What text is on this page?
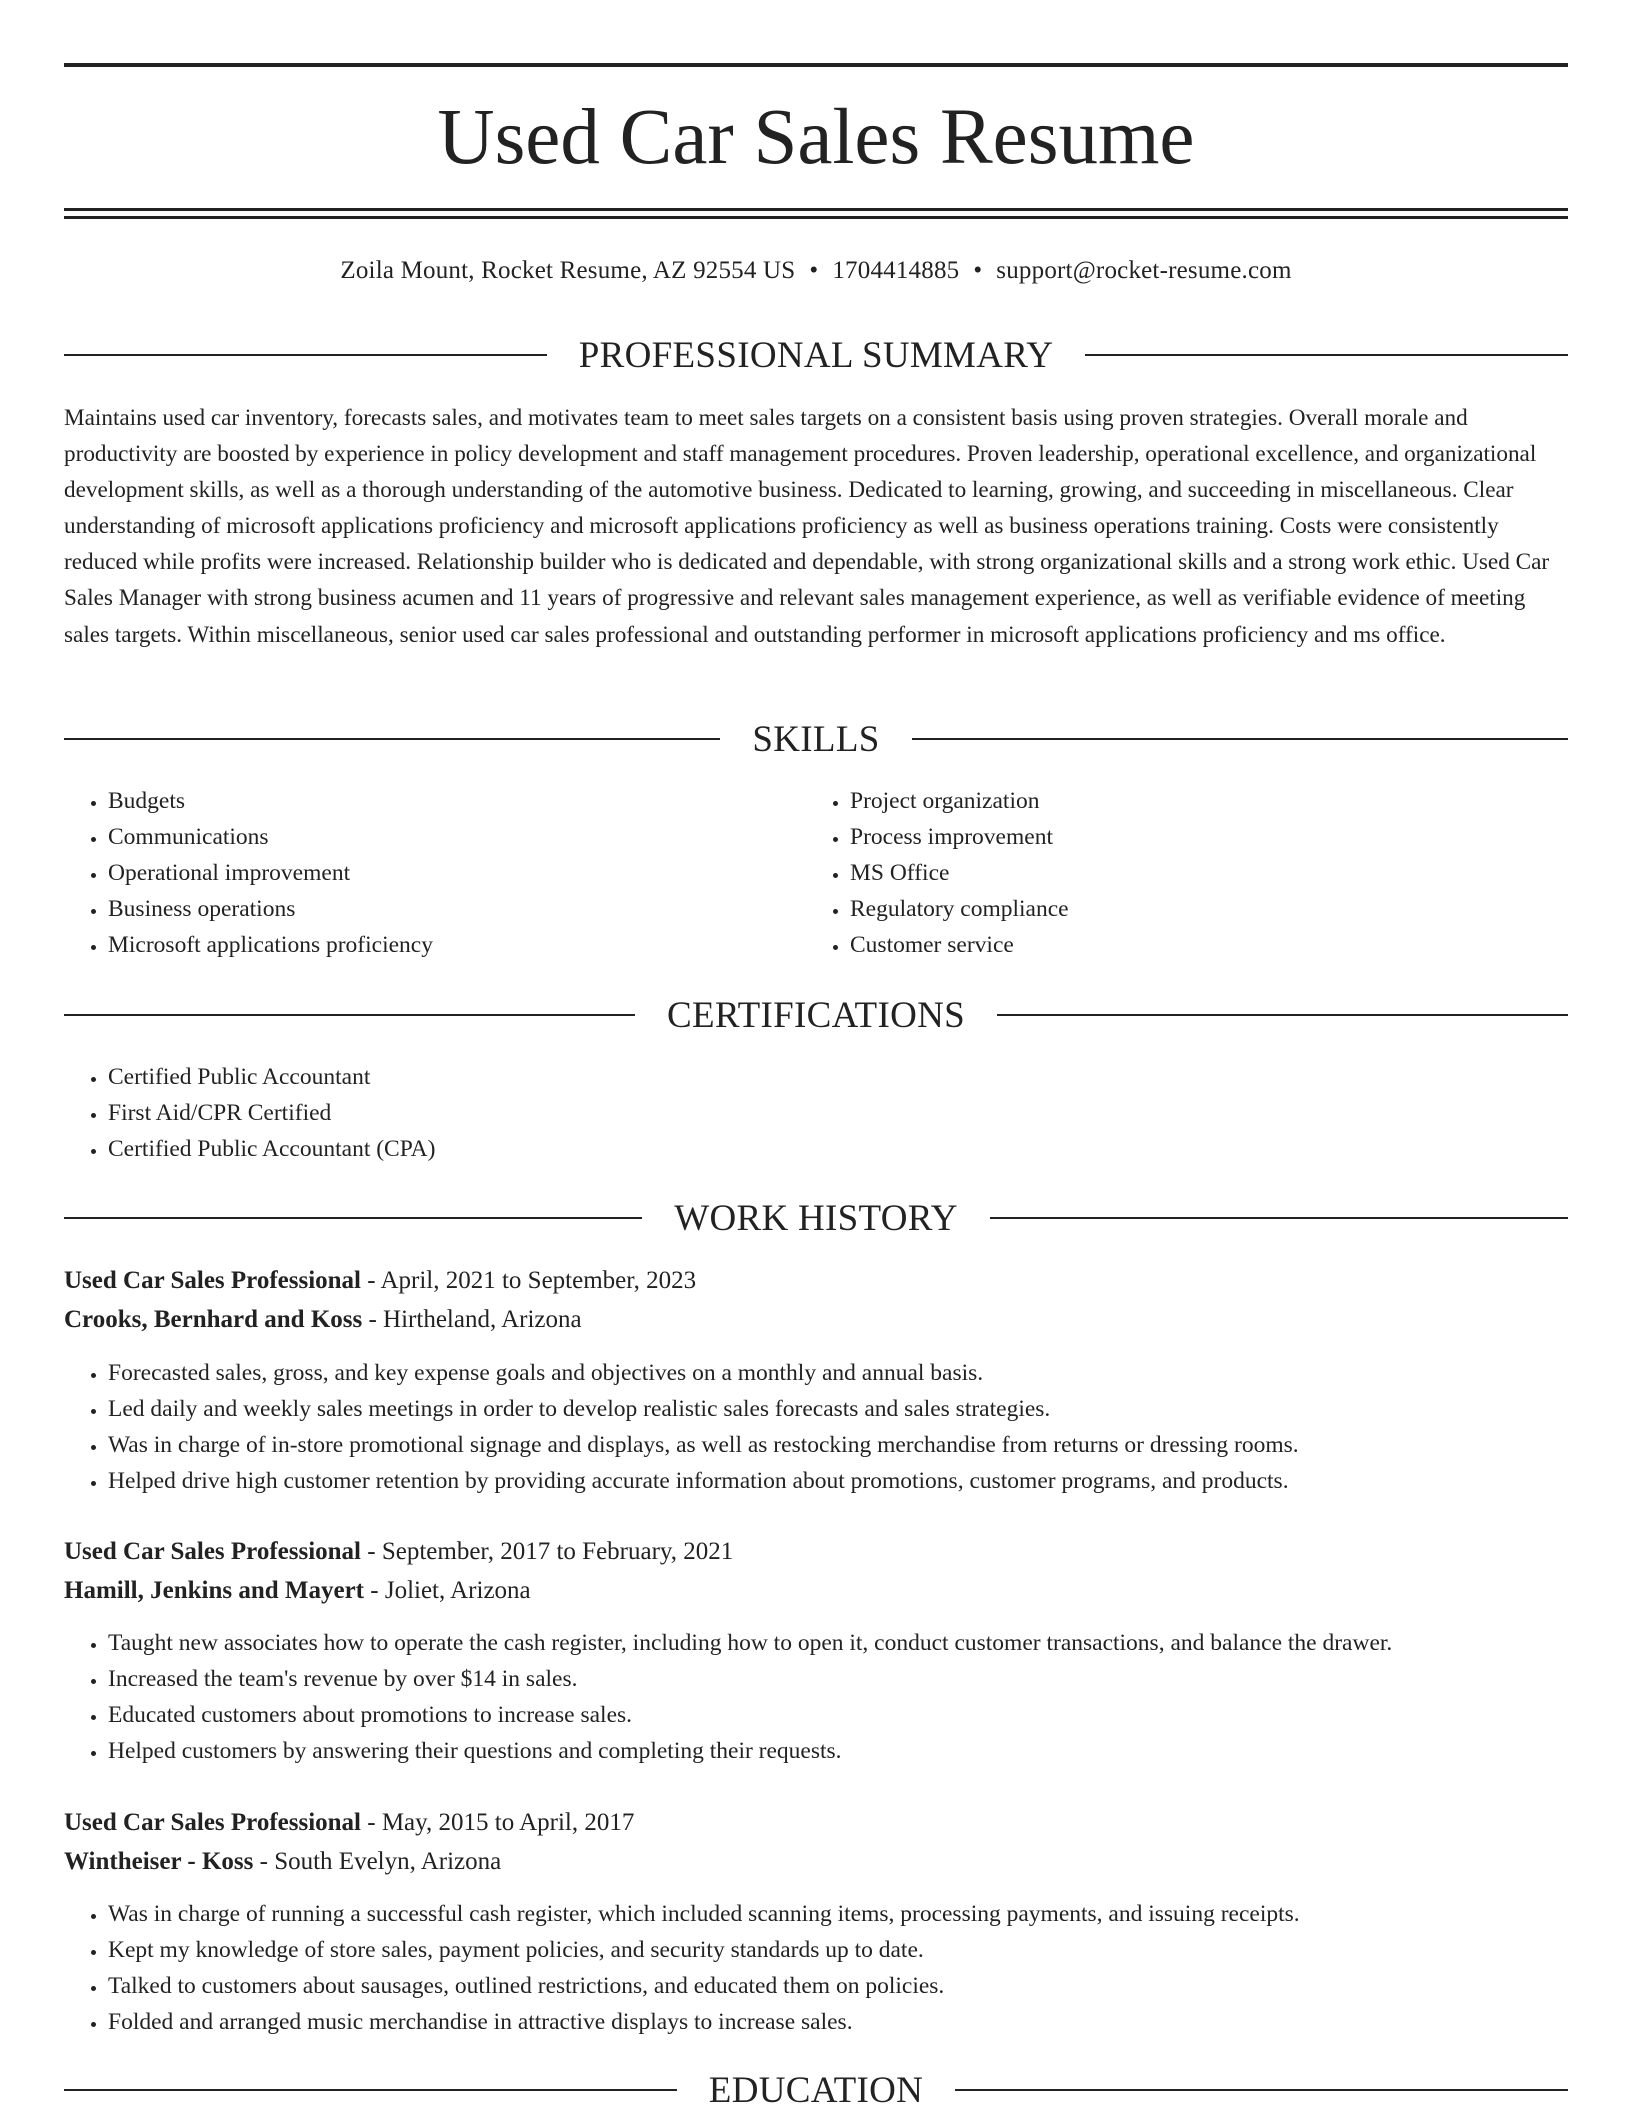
Used Car Sales Resume
Zoila Mount, Rocket Resume, AZ 92554 US • 1704414885 • support@rocket-resume.com
PROFESSIONAL SUMMARY

Maintains used car inventory, forecasts sales, and motivates team to meet sales targets on a consistent basis using proven strategies. Overall morale and productivity are boosted by experience in policy development and staff management procedures. Proven leadership, operational excellence, and organizational development skills, as well as a thorough understanding of the automotive business. Dedicated to learning, growing, and succeeding in miscellaneous. Clear understanding of microsoft applications proficiency and microsoft applications proficiency as well as business operations training. Costs were consistently reduced while profits were increased. Relationship builder who is dedicated and dependable, with strong organizational skills and a strong work ethic. Used Car Sales Manager with strong business acumen and 11 years of progressive and relevant sales management experience, as well as verifiable evidence of meeting sales targets. Within miscellaneous, senior used car sales professional and outstanding performer in microsoft applications proficiency and ms office.

SKILLS
• Budgets
• Communications
• Operational improvement
• Business operations
• Microsoft applications proficiency
• Project organization
• Process improvement
• MS Office
• Regulatory compliance
• Customer service
CERTIFICATIONS
• Certified Public Accountant
• First Aid/CPR Certified
• Certified Public Accountant (CPA)
WORK HISTORY
Used Car Sales Professional - April, 2021 to September, 2023
Crooks, Bernhard and Koss - Hirtheland, Arizona
• Forecasted sales, gross, and key expense goals and objectives on a monthly and annual basis.
• Led daily and weekly sales meetings in order to develop realistic sales forecasts and sales strategies.
• Was in charge of in-store promotional signage and displays, as well as restocking merchandise from returns or dressing rooms.
• Helped drive high customer retention by providing accurate information about promotions, customer programs, and products.
Used Car Sales Professional - September, 2017 to February, 2021
Hamill, Jenkins and Mayert - Joliet, Arizona
• Taught new associates how to operate the cash register, including how to open it, conduct customer transactions, and balance the drawer.
• Increased the team's revenue by over $14 in sales.
• Educated customers about promotions to increase sales.
• Helped customers by answering their questions and completing their requests.
Used Car Sales Professional - May, 2015 to April, 2017
Wintheiser - Koss - South Evelyn, Arizona
• Was in charge of running a successful cash register, which included scanning items, processing payments, and issuing receipts.
• Kept my knowledge of store sales, payment policies, and security standards up to date.
• Talked to customers about sausages, outlined restrictions, and educated them on policies.
• Folded and arranged music merchandise in attractive displays to increase sales.
EDUCATION
